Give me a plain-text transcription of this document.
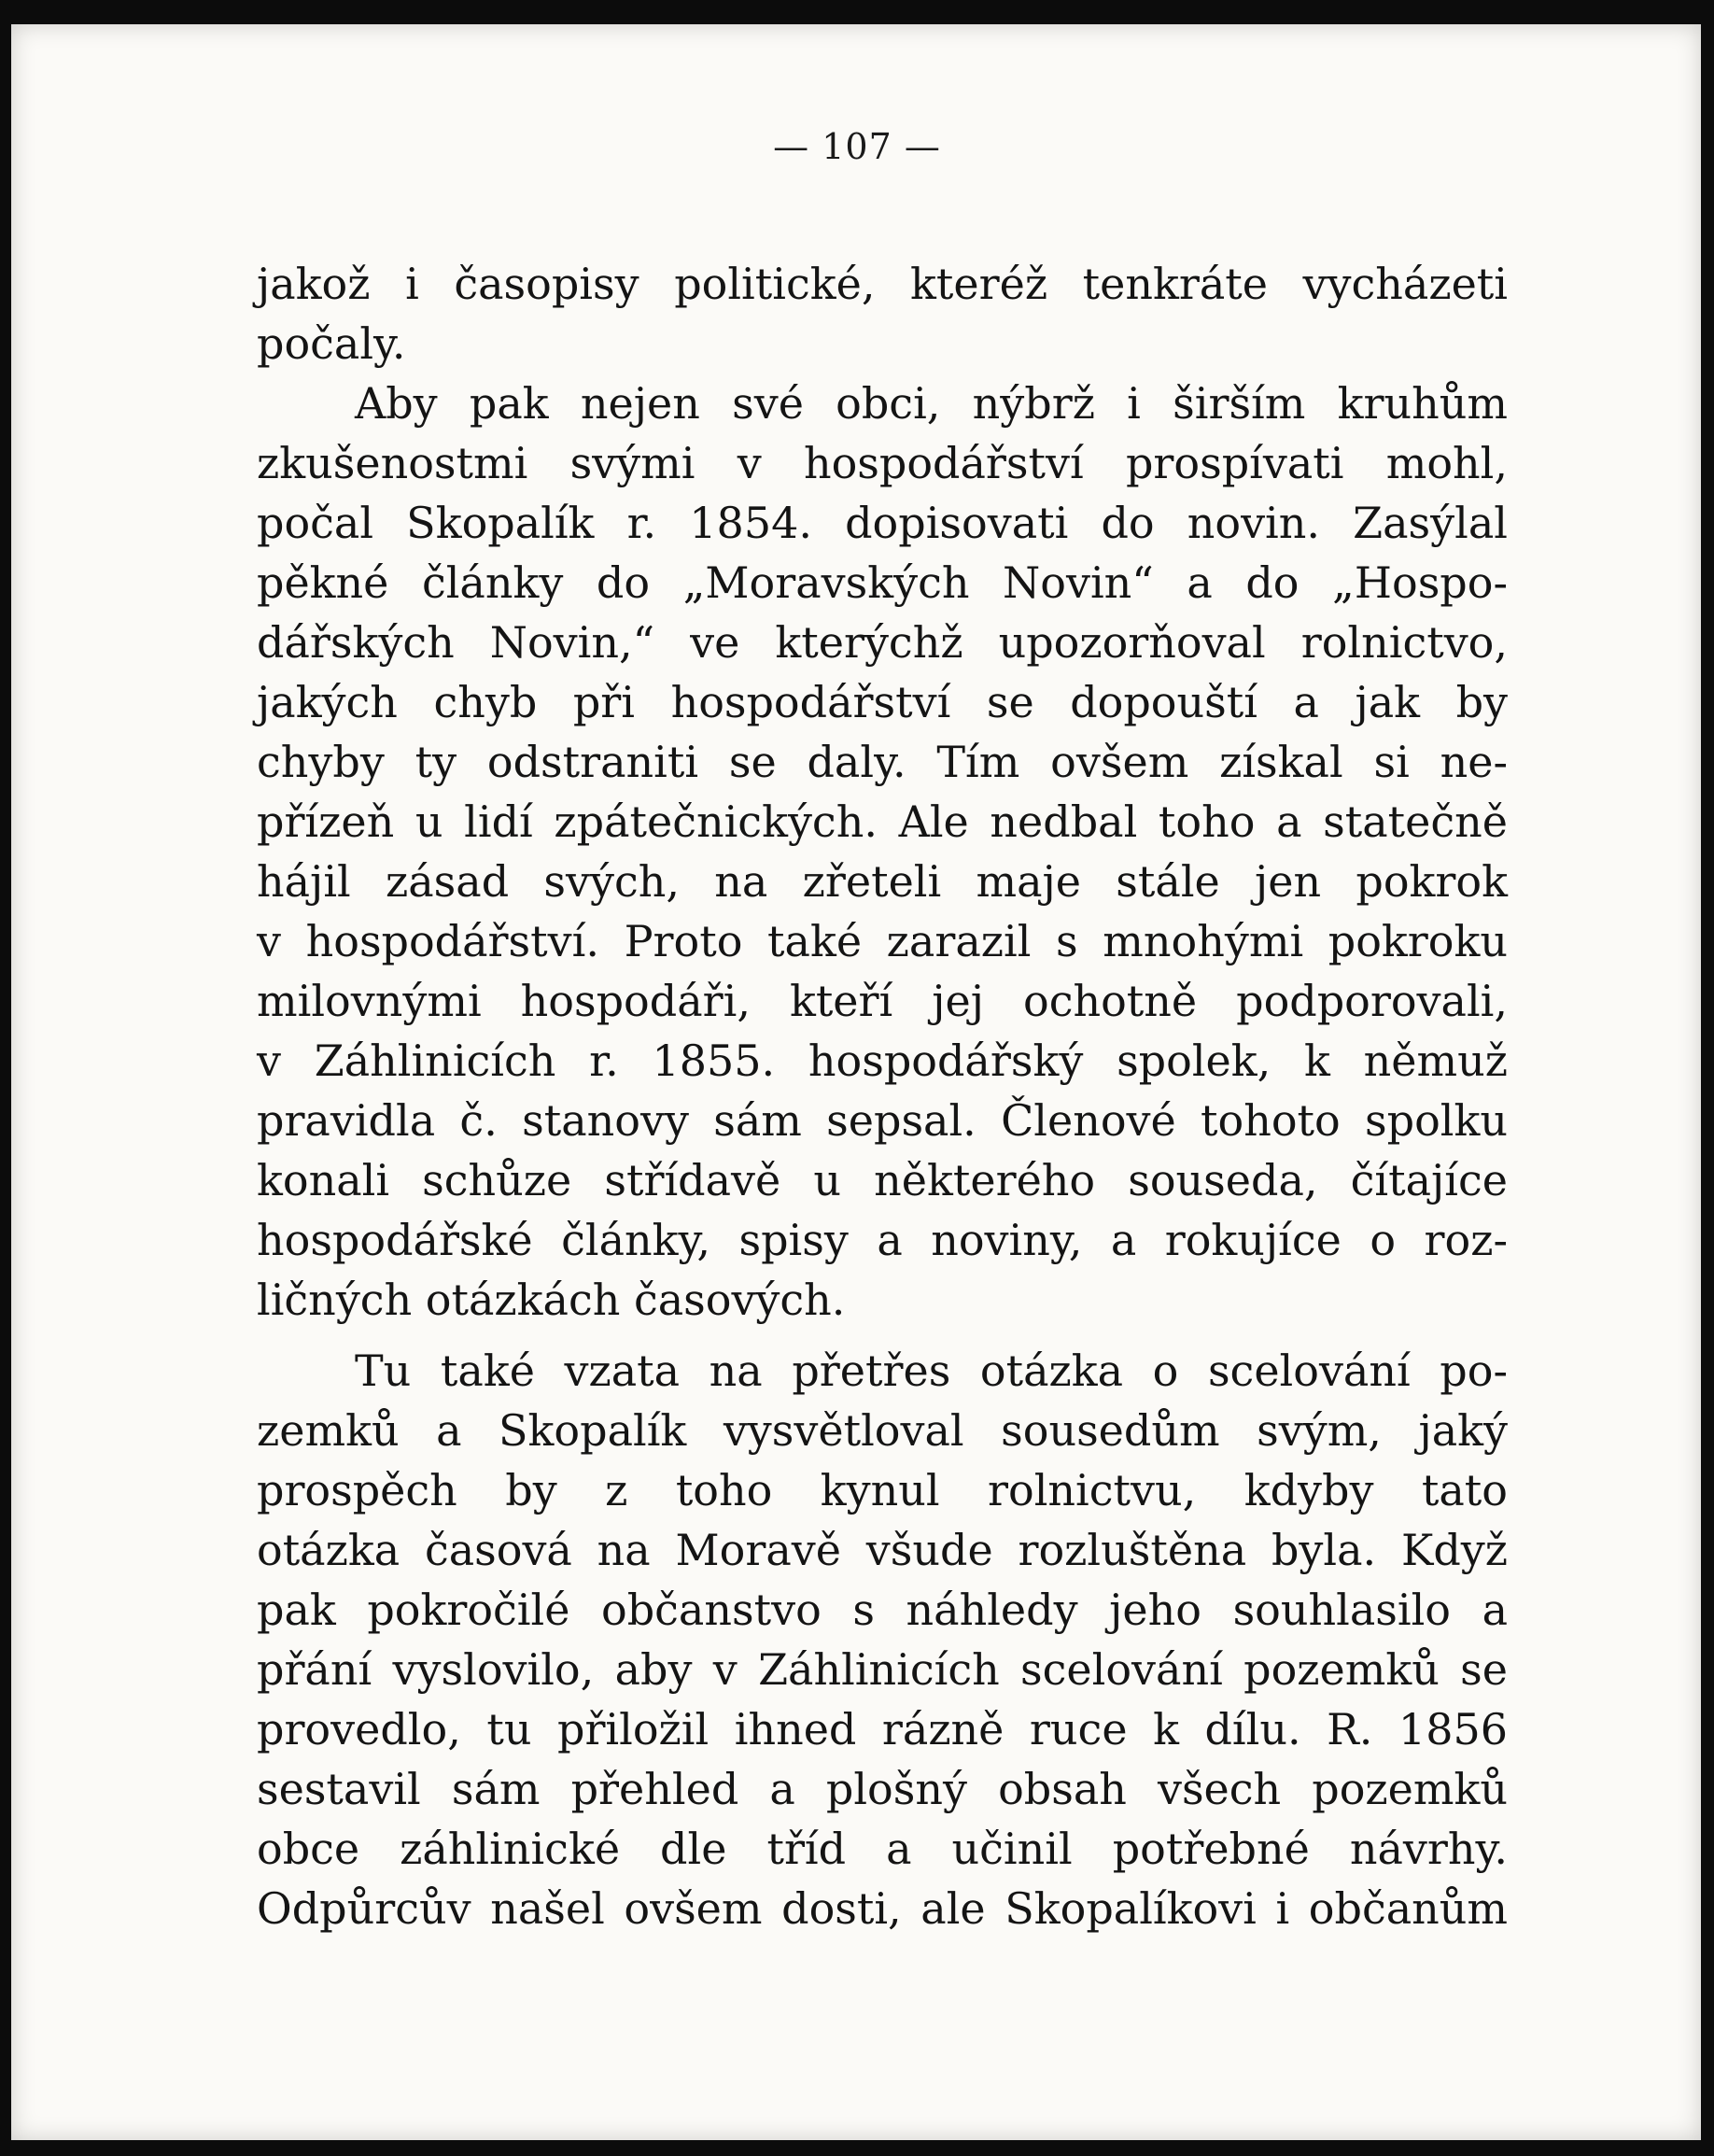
— 107 —
jakož i časopisy politické, kteréž tenkráte vycházeti
počaly.
Aby pak nejen své obci, nýbrž i širším kruhům
zkušenostmi svými v hospodářství prospívati mohl,
počal Skopalík r. 1854. dopisovati do novin. Zasýlal
pěkné články do „Moravských Novin“ a do „Hospo-
dářských Novin,“ ve kterýchž upozorňoval rolnictvo,
jakých chyb při hospodářství se dopouští a jak by
chyby ty odstraniti se daly. Tím ovšem získal si ne-
přízeň u lidí zpátečnických. Ale nedbal toho a statečně
hájil zásad svých, na zřeteli maje stále jen pokrok
v hospodářství. Proto také zarazil s mnohými pokroku
milovnými hospodáři, kteří jej ochotně podporovali,
v Záhlinicích r. 1855. hospodářský spolek, k němuž
pravidla č. stanovy sám sepsal. Členové tohoto spolku
konali schůze střídavě u některého souseda, čítajíce
hospodářské články, spisy a noviny, a rokujíce o roz-
ličných otázkách časových.
Tu také vzata na přetřes otázka o scelování po-
zemků a Skopalík vysvětloval sousedům svým, jaký
prospěch by z toho kynul rolnictvu, kdyby tato
otázka časová na Moravě všude rozluštěna byla. Když
pak pokročilé občanstvo s náhledy jeho souhlasilo a
přání vyslovilo, aby v Záhlinicích scelování pozemků se
provedlo, tu přiložil ihned rázně ruce k dílu. R. 1856
sestavil sám přehled a plošný obsah všech pozemků
obce záhlinické dle tříd a učinil potřebné návrhy.
Odpůrcův našel ovšem dosti, ale Skopalíkovi i občanům
